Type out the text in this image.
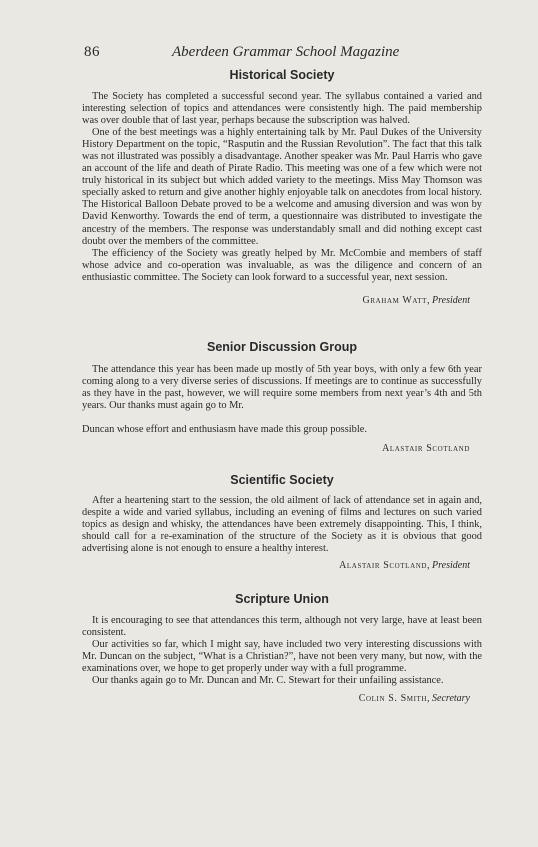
86	Aberdeen Grammar School Magazine
Historical Society

The Society has completed a successful second year. The syllabus contained a varied and interesting selection of topics and attendances were consistently high. The paid membership was over double that of last year, perhaps because the subscription was halved.

One of the best meetings was a highly entertaining talk by Mr. Paul Dukes of the University History Department on the topic, “Rasputin and the Russian Revolution”. The fact that this talk was not illustrated was possibly a disadvantage. Another speaker was Mr. Paul Harris who gave an account of the life and death of Pirate Radio. This meeting was one of a few which were not truly historical in its subject but which added variety to the meetings. Miss May Thomson was specially asked to return and give another highly enjoyable talk on anecdotes from local history. The Historical Balloon Debate proved to be a welcome and amusing diversion and was won by David Kenworthy. Towards the end of term, a questionnaire was distributed to investigate the ancestry of the members. The response was understandably small and did nothing except cast doubt over the members of the committee.

The efficiency of the Society was greatly helped by Mr. McCombie and members of staff whose advice and co-operation was invaluable, as was the diligence and concern of an enthusiastic committee. The Society can look forward to a successful year, next session.

Graham Watt, President

Senior Discussion Group

The attendance this year has been made up mostly of 5th year boys, with only a few 6th year coming along to a very diverse series of discussions. If meetings are to continue as successfully as they have in the past, however, we will require some members from next year’s 4th and 5th years. Our thanks must again go to Mr.

Duncan whose effort and enthusiasm have made this group possible.

Alastair Scotland

Scientific Society

After a heartening start to the session, the old ailment of lack of attendance set in again and, despite a wide and varied syllabus, including an evening of films and lectures on such varied topics as design and whisky, the attendances have been extremely disappointing. This, I think, should call for a re-examination of the structure of the Society as it is obvious that good advertising alone is not enough to ensure a healthy interest.

Alastair Scotland, President

Scripture Union

It is encouraging to see that attendances this term, although not very large, have at least been consistent.

Our activities so far, which I might say, have included two very interesting discussions with Mr. Duncan on the subject, “What is a Christian?”, have not been very many, but now, with the examinations over, we hope to get properly under way with a full programme.

Our thanks again go to Mr. Duncan and Mr. C. Stewart for their unfailing assistance.

Colin S. Smith, Secretary
